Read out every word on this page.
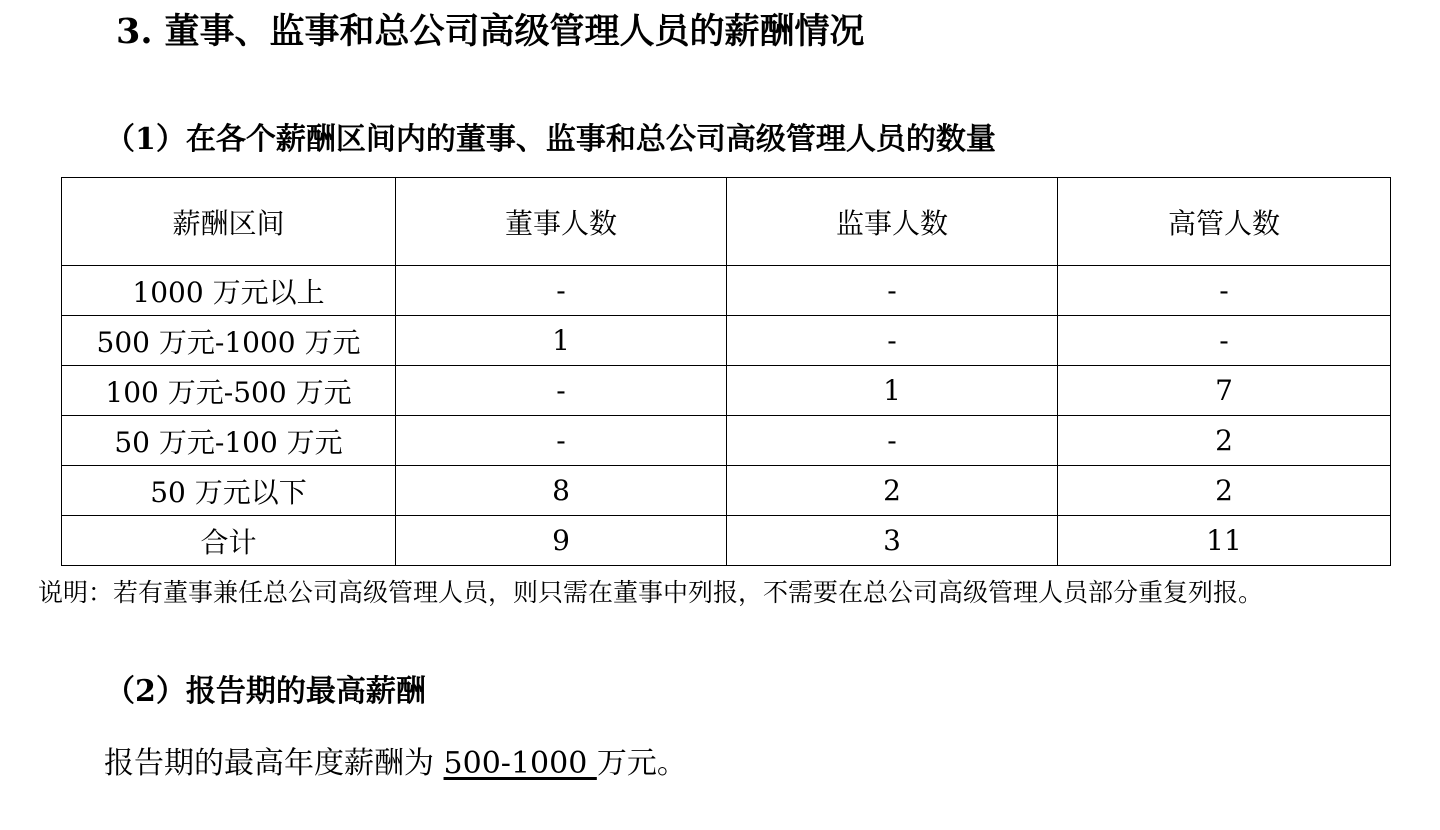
3. 董事、监事和总公司高级管理人员的薪酬情况
（1）在各个薪酬区间内的董事、监事和总公司高级管理人员的数量
薪酬区间	董事人数	监事人数	高管人数
1000 万元以上	-	-	-
500 万元-1000 万元	1	-	-
100 万元-500 万元	-	1	7
50 万元-100 万元	-	-	2
50 万元以下	8	2	2
合计	9	3	11
说明：若有董事兼任总公司高级管理人员，则只需在董事中列报，不需要在总公司高级管理人员部分重复列报。
（2）报告期的最高薪酬
报告期的最高年度薪酬为 500-1000 万元。
